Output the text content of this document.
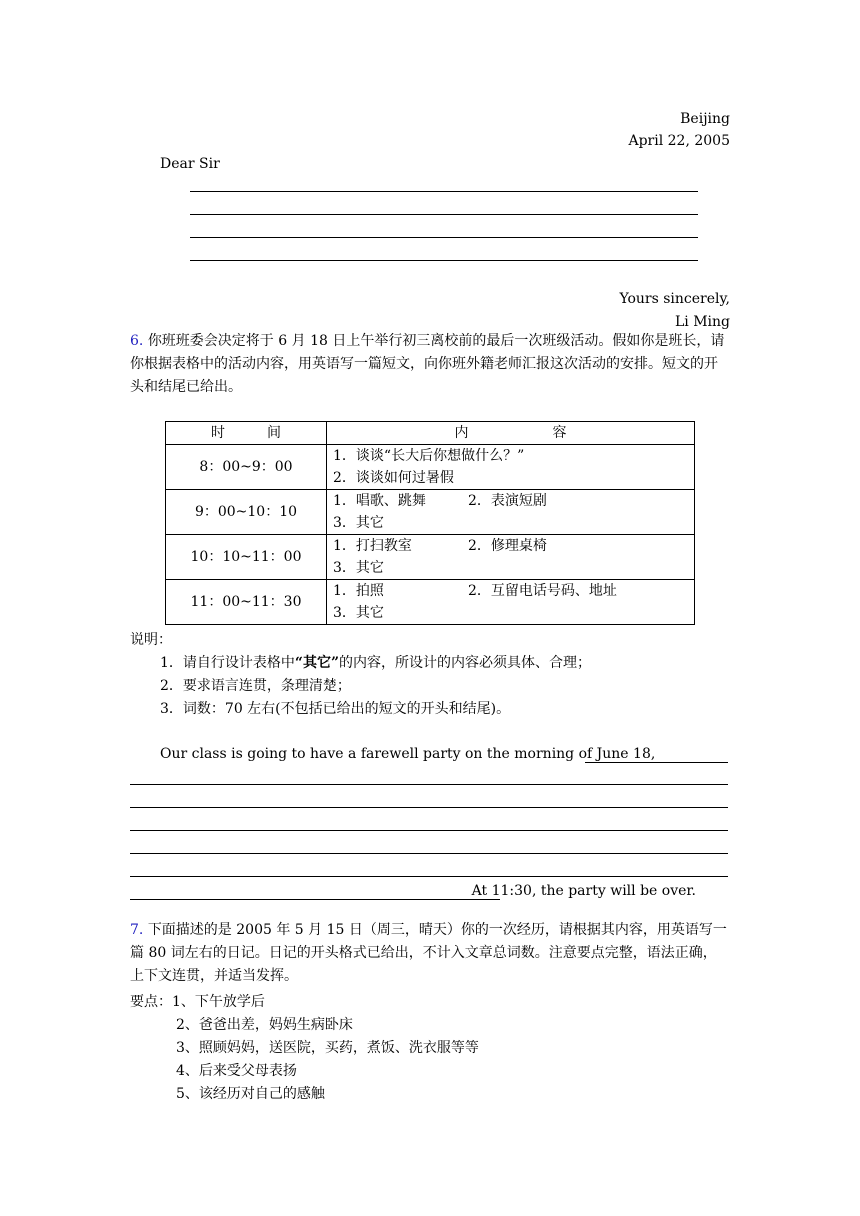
Beijing
April 22, 2005
Dear Sir
Yours sincerely,
Li Ming
6. 你班班委会决定将于 6 月 18 日上午举行初三离校前的最后一次班级活动。假如你是班长，请你根据表格中的活动内容，用英语写一篇短文，向你班外籍老师汇报这次活动的安排。短文的开头和结尾已给出。
时　　　间	内　　　　　　容
8：00~9：00	1．谈谈“长大后你想做什么？”
2．谈谈如何过暑假

9：00~10：10	1．唱歌、跳舞 2．表演短剧
3．其它

10：10~11：00	1．打扫教室 2．修理桌椅
3．其它

11：00~11：30	1．拍照 2．互留电话号码、地址
3．其它
说明：
1．请自行设计表格中“其它”的内容，所设计的内容必须具体、合理；
2．要求语言连贯，条理清楚；
3．词数：70 左右(不包括已给出的短文的开头和结尾)。
Our class is going to have a farewell party on the morning of June 18,
At 11:30, the party will be over.
7. 下面描述的是 2005 年 5 月 15 日（周三，晴天）你的一次经历，请根据其内容，用英语写一篇 80 词左右的日记。日记的开头格式已给出，不计入文章总词数。注意要点完整，语法正确，上下文连贯，并适当发挥。
要点：1、下午放学后
2、爸爸出差，妈妈生病卧床
3、照顾妈妈，送医院，买药，煮饭、洗衣服等等
4、后来受父母表扬
5、该经历对自己的感触
